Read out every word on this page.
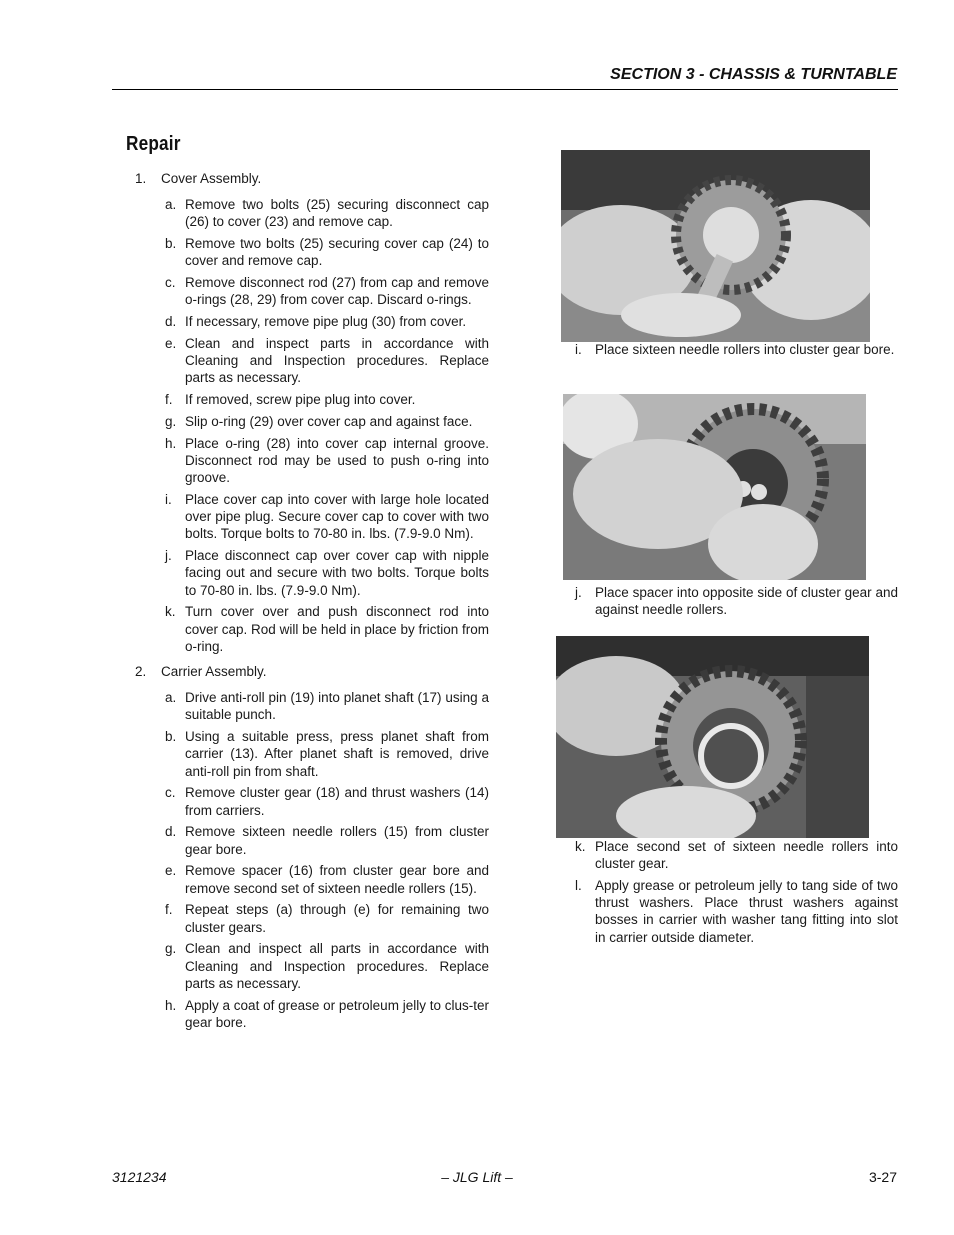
SECTION 3 - CHASSIS & TURNTABLE
Repair
1.	Cover Assembly.
a. Remove two bolts (25) securing disconnect cap (26) to cover (23) and remove cap.
b. Remove two bolts (25) securing cover cap (24) to cover and remove cap.
c. Remove disconnect rod (27) from cap and remove o-rings (28, 29) from cover cap. Discard o-rings.
d. If necessary, remove pipe plug (30) from cover.
e. Clean and inspect parts in accordance with Cleaning and Inspection procedures. Replace parts as necessary.
f. If removed, screw pipe plug into cover.
g. Slip o-ring (29) over cover cap and against face.
h. Place o-ring (28) into cover cap internal groove. Disconnect rod may be used to push o-ring into groove.
i. Place cover cap into cover with large hole located over pipe plug. Secure cover cap to cover with two bolts. Torque bolts to 70-80 in. lbs. (7.9-9.0 Nm).
j. Place disconnect cap over cover cap with nipple facing out and secure with two bolts. Torque bolts to 70-80 in. lbs. (7.9-9.0 Nm).
k. Turn cover over and push disconnect rod into cover cap. Rod will be held in place by friction from o-ring.
2.	Carrier Assembly.
a. Drive anti-roll pin (19) into planet shaft (17) using a suitable punch.
b. Using a suitable press, press planet shaft from carrier (13). After planet shaft is removed, drive anti-roll pin from shaft.
c. Remove cluster gear (18) and thrust washers (14) from carriers.
d. Remove sixteen needle rollers (15) from cluster gear bore.
e. Remove spacer (16) from cluster gear bore and remove second set of sixteen needle rollers (15).
f. Repeat steps (a) through (e) for remaining two cluster gears.
g. Clean and inspect all parts in accordance with Cleaning and Inspection procedures. Replace parts as necessary.
h. Apply a coat of grease or petroleum jelly to clus-ter gear bore.
i. Place sixteen needle rollers into cluster gear bore.
j. Place spacer into opposite side of cluster gear and against needle rollers.
k. Place second set of sixteen needle rollers into cluster gear.
l. Apply grease or petroleum jelly to tang side of two thrust washers. Place thrust washers against bosses in carrier with washer tang fitting into slot in carrier outside diameter.
3121234	– JLG Lift –	3-27
